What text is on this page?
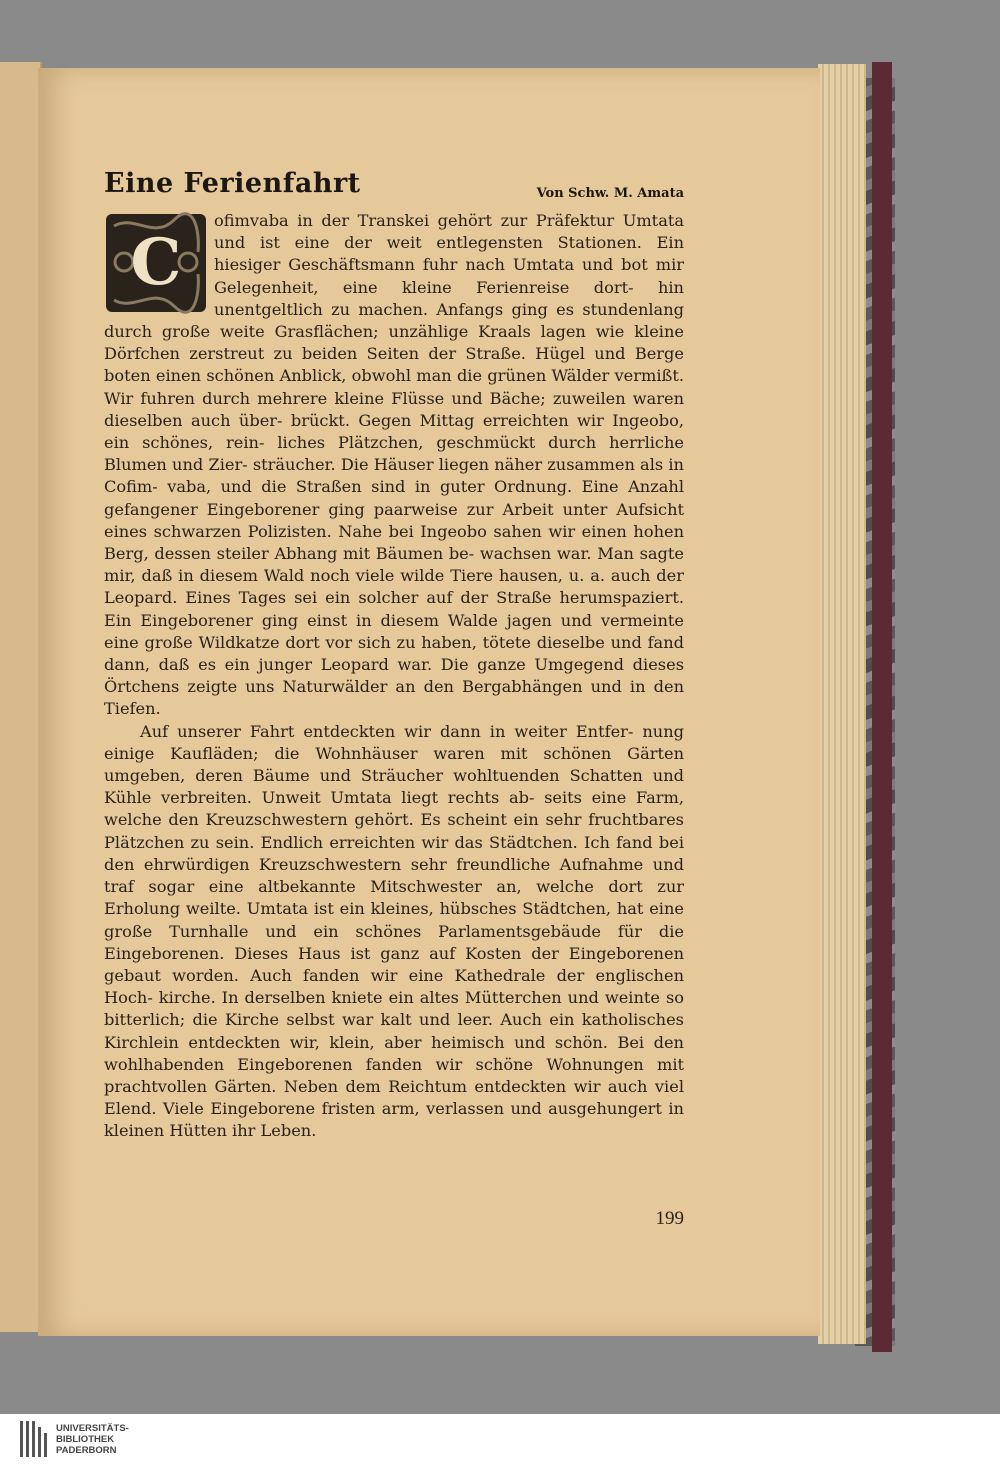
Eine Ferienfahrt	Von Schw. M. Amata

C
ofimvaba in der Transkei gehört zur Präfektur Umtata und ist eine der weit entlegensten Stationen. Ein hiesiger Geschäftsmann fuhr nach Umtata und bot mir Gelegenheit, eine kleine Ferienreise dort- hin unentgeltlich zu machen. Anfangs ging es stundenlang durch große weite Grasflächen; unzählige Kraals lagen wie kleine Dörfchen zerstreut zu beiden Seiten der Straße. Hügel und Berge boten einen schönen Anblick, obwohl man die grünen Wälder vermißt. Wir fuhren durch mehrere kleine Flüsse und Bäche; zuweilen waren dieselben auch über- brückt. Gegen Mittag erreichten wir Ingeobo, ein schönes, rein- liches Plätzchen, geschmückt durch herrliche Blumen und Zier- sträucher. Die Häuser liegen näher zusammen als in Cofim- vaba, und die Straßen sind in guter Ordnung. Eine Anzahl gefangener Eingeborener ging paarweise zur Arbeit unter Aufsicht eines schwarzen Polizisten. Nahe bei Ingeobo sahen wir einen hohen Berg, dessen steiler Abhang mit Bäumen be- wachsen war. Man sagte mir, daß in diesem Wald noch viele wilde Tiere hausen, u. a. auch der Leopard. Eines Tages sei ein solcher auf der Straße herumspaziert. Ein Eingeborener ging einst in diesem Walde jagen und vermeinte eine große Wildkatze dort vor sich zu haben, tötete dieselbe und fand dann, daß es ein junger Leopard war. Die ganze Umgegend dieses Örtchens zeigte uns Naturwälder an den Bergabhängen und in den Tiefen.

Auf unserer Fahrt entdeckten wir dann in weiter Entfer- nung einige Kaufläden; die Wohnhäuser waren mit schönen Gärten umgeben, deren Bäume und Sträucher wohltuenden Schatten und Kühle verbreiten. Unweit Umtata liegt rechts ab- seits eine Farm, welche den Kreuzschwestern gehört. Es scheint ein sehr fruchtbares Plätzchen zu sein. Endlich erreichten wir das Städtchen. Ich fand bei den ehrwürdigen Kreuzschwestern sehr freundliche Aufnahme und traf sogar eine altbekannte Mitschwester an, welche dort zur Erholung weilte. Umtata ist ein kleines, hübsches Städtchen, hat eine große Turnhalle und ein schönes Parlamentsgebäude für die Eingeborenen. Dieses Haus ist ganz auf Kosten der Eingeborenen gebaut worden. Auch fanden wir eine Kathedrale der englischen Hoch- kirche. In derselben kniete ein altes Mütterchen und weinte so bitterlich; die Kirche selbst war kalt und leer. Auch ein katholisches Kirchlein entdeckten wir, klein, aber heimisch und schön. Bei den wohlhabenden Eingeborenen fanden wir schöne Wohnungen mit prachtvollen Gärten. Neben dem Reichtum entdeckten wir auch viel Elend. Viele Eingeborene fristen arm, verlassen und ausgehungert in kleinen Hütten ihr Leben.

199
UNIVERSITÄTS-
BIBLIOTHEK
PADERBORN
